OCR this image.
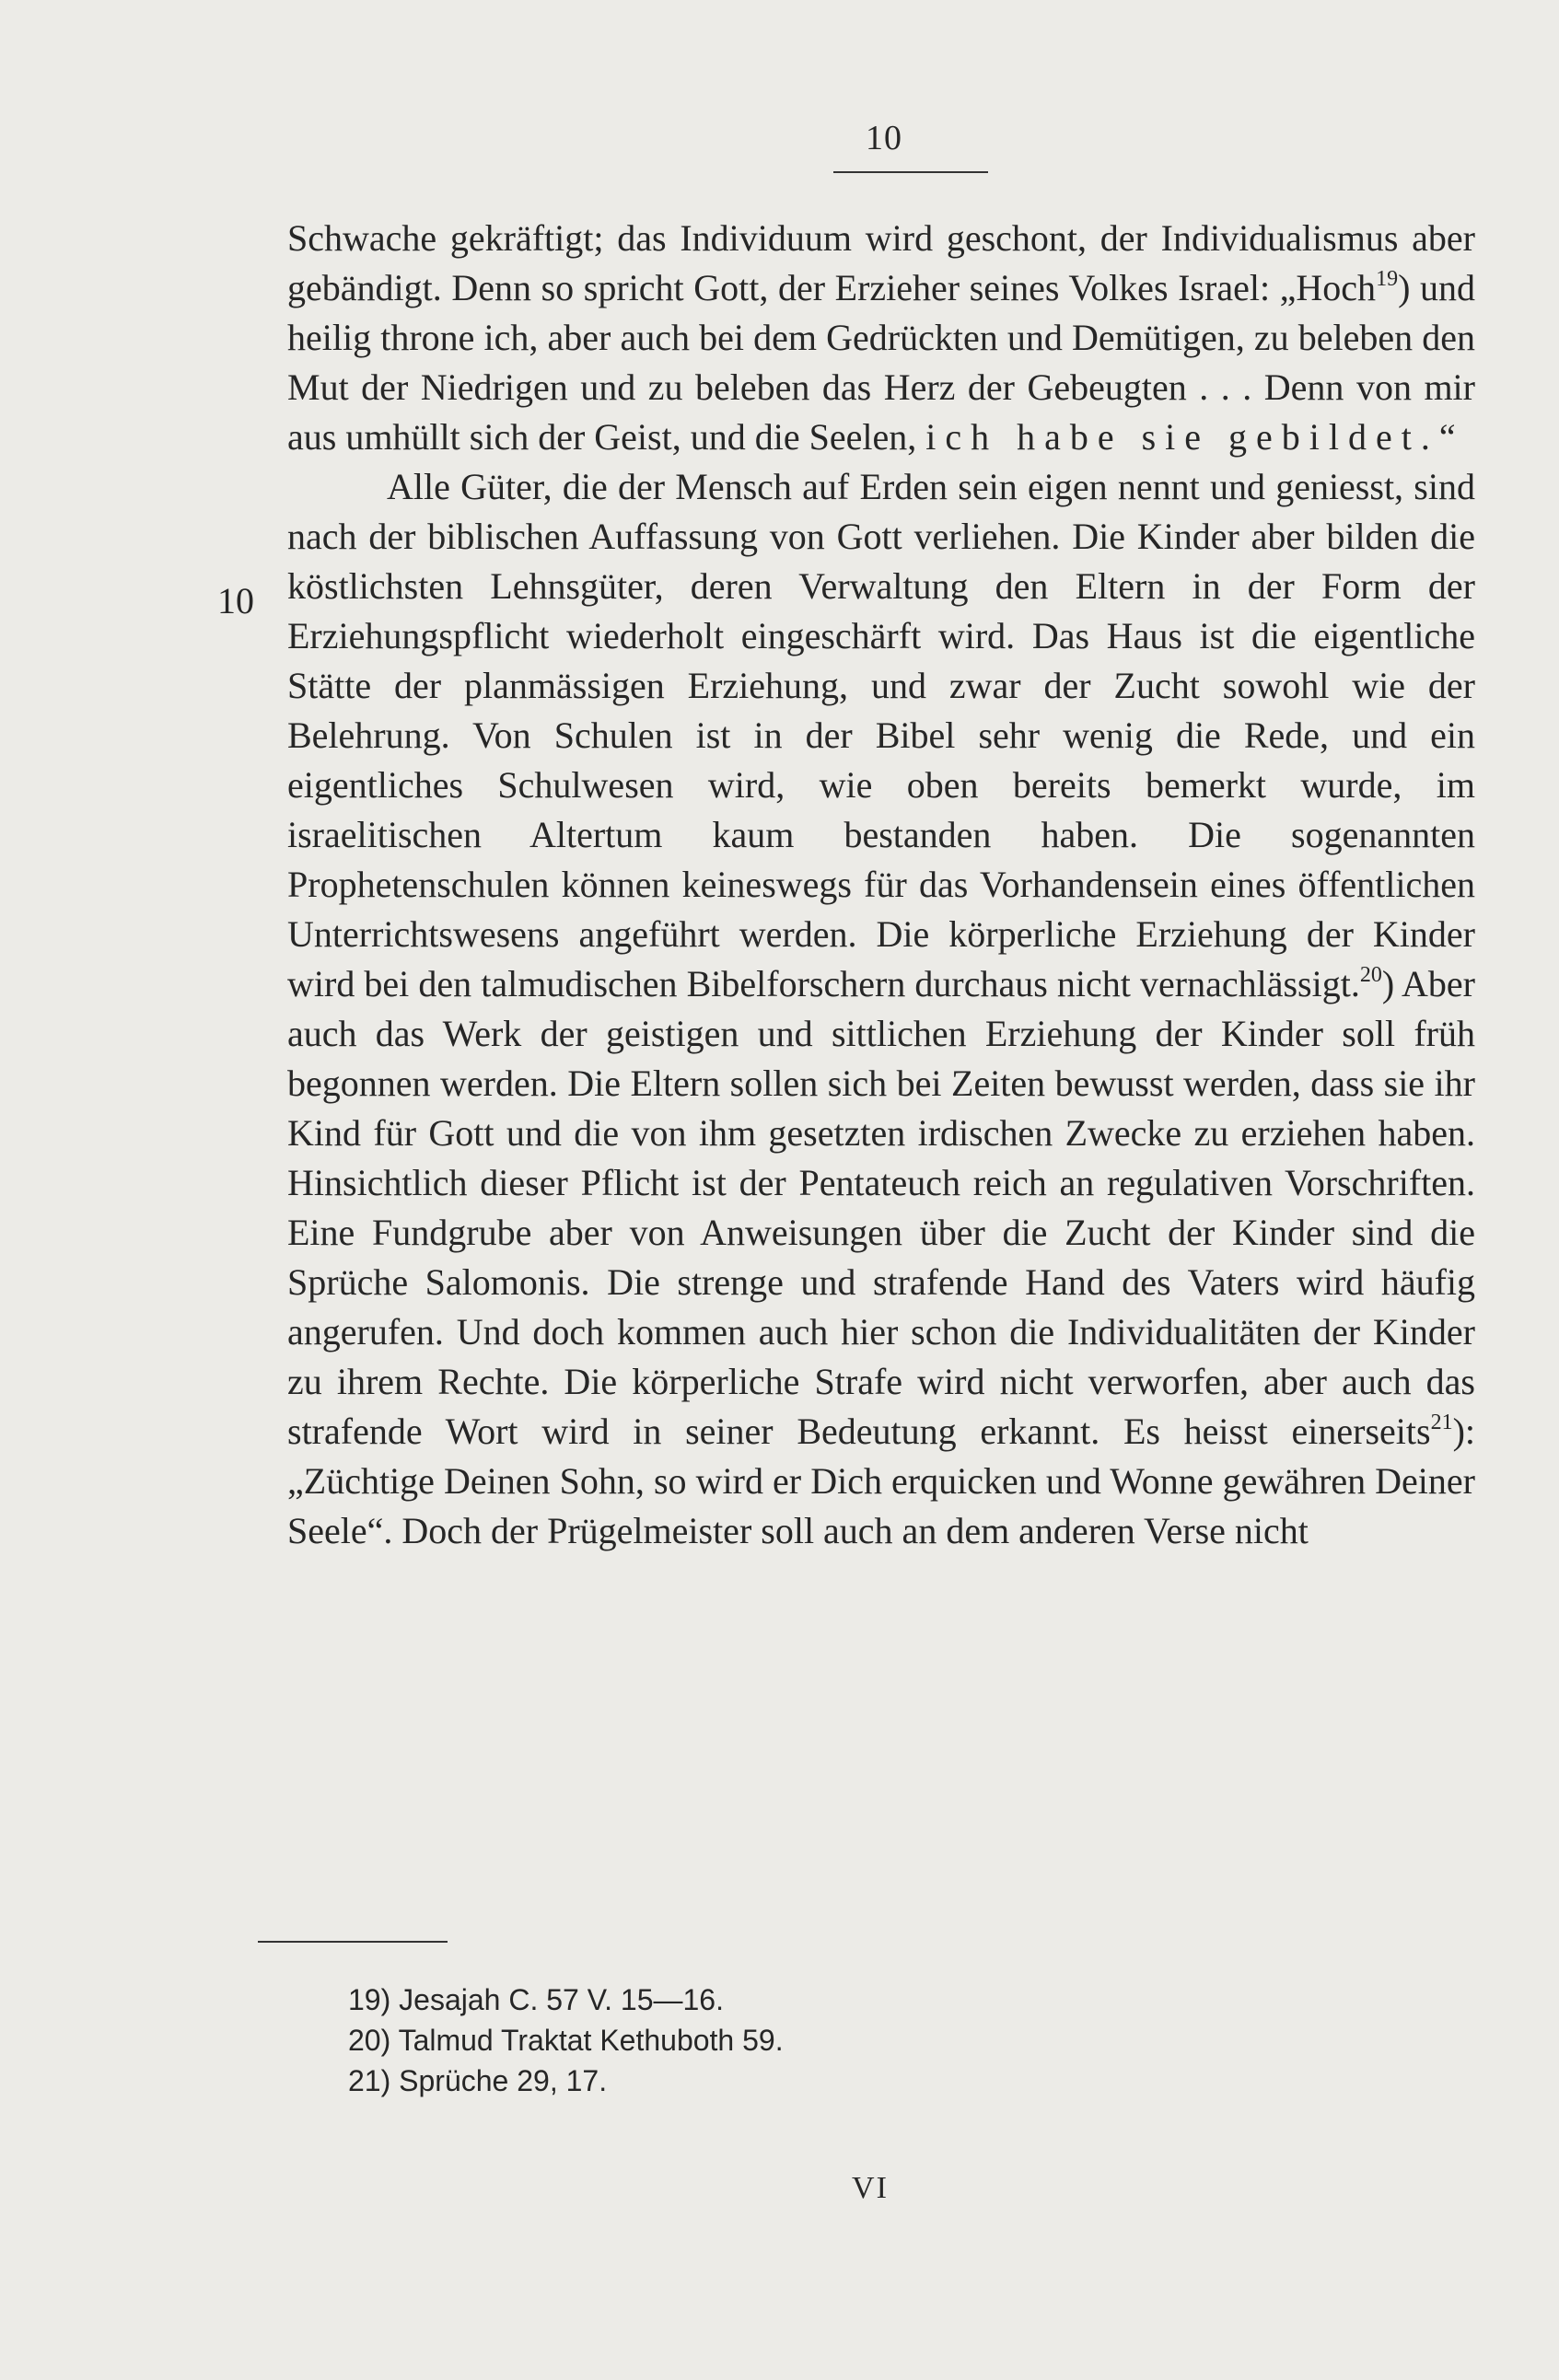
10
10

Schwache gekräftigt; das Individuum wird geschont, der Individualismus aber gebändigt. Denn so spricht Gott, der Erzieher seines Volkes Israel: „Hoch$^{19}$) und heilig throne ich, aber auch bei dem Gedrückten und Demütigen, zu beleben den Mut der Niedrigen und zu beleben das Herz der Gebeugten . . . Denn von mir aus umhüllt sich der Geist, und die Seelen, ich habe sie gebildet.“

Alle Güter, die der Mensch auf Erden sein eigen nennt und geniesst, sind nach der biblischen Auffassung von Gott verliehen. Die Kinder aber bilden die köstlichsten Lehnsgüter, deren Verwaltung den Eltern in der Form der Erziehungspflicht wiederholt eingeschärft wird. Das Haus ist die eigentliche Stätte der planmässigen Erziehung, und zwar der Zucht sowohl wie der Belehrung. Von Schulen ist in der Bibel sehr wenig die Rede, und ein eigentliches Schulwesen wird, wie oben bereits bemerkt wurde, im israelitischen Altertum kaum bestanden haben. Die sogenannten Prophetenschulen können keineswegs für das Vorhandensein eines öffentlichen Unterrichtswesens angeführt werden. Die körperliche Erziehung der Kinder wird bei den talmudischen Bibelforschern durchaus nicht vernachlässigt.$^{20}$) Aber auch das Werk der geistigen und sittlichen Erziehung der Kinder soll früh begonnen werden. Die Eltern sollen sich bei Zeiten bewusst werden, dass sie ihr Kind für Gott und die von ihm gesetzten irdischen Zwecke zu erziehen haben. Hinsichtlich dieser Pflicht ist der Pentateuch reich an regulativen Vorschriften. Eine Fundgrube aber von Anweisungen über die Zucht der Kinder sind die Sprüche Salomonis. Die strenge und strafende Hand des Vaters wird häufig angerufen. Und doch kommen auch hier schon die Individualitäten der Kinder zu ihrem Rechte. Die körperliche Strafe wird nicht verworfen, aber auch das strafende Wort wird in seiner Bedeutung erkannt. Es heisst einerseits$^{21}$): „Züchtige Deinen Sohn, so wird er Dich erquicken und Wonne gewähren Deiner Seele“. Doch der Prügelmeister soll auch an dem anderen Verse nicht

19) Jesajah C. 57 V. 15—16.
20) Talmud Traktat Kethuboth 59.
21) Sprüche 29, 17.
VI
